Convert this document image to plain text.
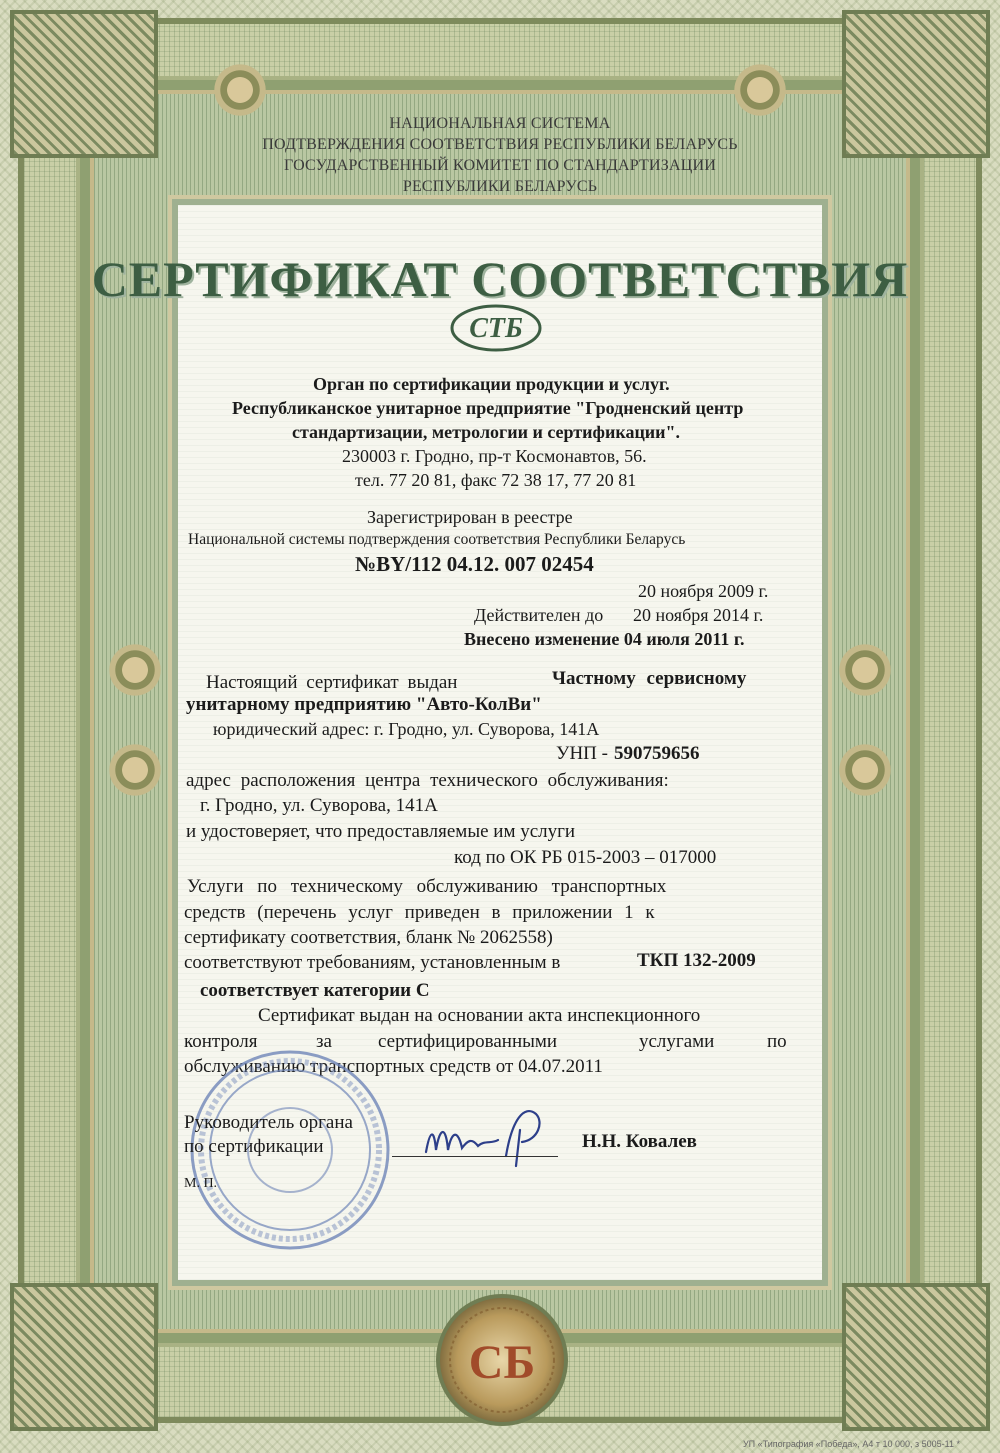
НАЦИОНАЛЬНАЯ СИСТЕМА
ПОДТВЕРЖДЕНИЯ СООТВЕТСТВИЯ РЕСПУБЛИКИ БЕЛАРУСЬ
ГОСУДАРСТВЕННЫЙ КОМИТЕТ ПО СТАНДАРТИЗАЦИИ
РЕСПУБЛИКИ БЕЛАРУСЬ
СЕРТИФИКАТ СООТВЕТСТВИЯ
СТБ
Орган по сертификации продукции и услуг.
Республиканское унитарное предприятие "Гродненский центр
стандартизации, метрологии и сертификации".
230003 г. Гродно, пр-т Космонавтов, 56.
тел. 77 20 81, факс 72 38 17, 77 20 81
Зарегистрирован в реестре
Национальной системы подтверждения соответствия Республики Беларусь
№BY/112 04.12. 007 02454
20 ноября 2009 г.
Действителен до 20 ноября 2014 г.
Внесено изменение 04 июля 2011 г.
Настоящий сертификат выдан	Частному сервисному
унитарному предприятию "Авто-КолВи"
юридический адрес: г. Гродно, ул. Суворова, 141А
УНП - 590759656
адрес расположения центра технического обслуживания:
г. Гродно, ул. Суворова, 141А
и удостоверяет, что предоставляемые им услуги
код по ОК РБ 015-2003 – 017000
Услуги по техническому обслуживанию транспортных
средств (перечень услуг приведен в приложении 1 к
сертификату соответствия, бланк № 2062558)
соответствуют требованиям, установленным в	ТКП 132-2009
соответствует категории С
Сертификат выдан на основании акта инспекционного
контроля	за сертифицированными	услугами	по
обслуживанию транспортных средств от 04.07.2011
Руководитель органа
по сертификации
М. П.
Н.Н. Ковалев
СБ
УП «Типография «Победа», А4 т 10 000, з 5005-11 *
